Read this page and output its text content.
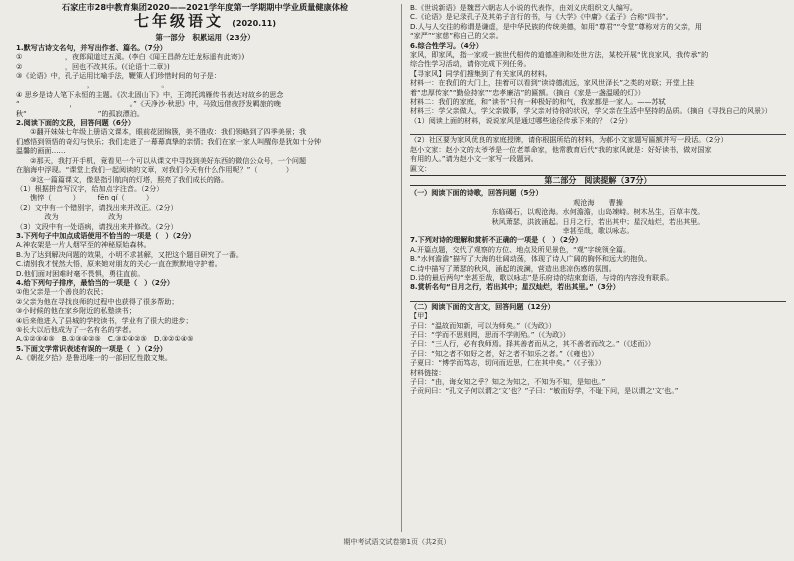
石家庄市28中教育集团2020——2021学年度第一学期期中学业质量健康体检
七年级语文 (2020.11)
第一部分　积累运用（23分）
1.默写古诗文名句，并写出作者、篇名。（7分）
①　　　　　　，夜郎闻道过五溪。(李白《闻王昌龄左迁龙标遥有此寄》)
②　　　　　　，回也不改其乐。(《论语十二章》)
③《论语》中，孔子运用比喻手法，鞭策人们珍惜时间的句子是：
　　　　　　　　　　，　　　　　　　　　　。
④ 思乡是诗人笔下永恒的主题。《次北固山下》中，王湾托鸿雁传书表达对故乡的思念
“　　　　　　　，　　　　　　　　。”《天净沙·秋思》中，马致远借夜抒发羁旅的晚
秋“　　　　　　　　　　”的孤寂漂泊。
2.阅读下面的文段，回答问题（6分）
　　①翻开妹妹七年级上册语文课本，眼前花团锦簇，美不胜收：我们领略到了四季美景；我
们感悟到领悟的奇幻与快乐；我们走进了一幕幕真挚的亲情；我们在家一家人叫醒你是犹如十分钟
温馨的画面……
　　②那天，我打开手机，竟看见一个可以从课文中寻找到美好东西的微信公众号，一个问题
在脑海中浮现。“课堂上我们一起阅读的文章，对我们今天有什么作用呢？”（　　　　）
　　③这一篇篇课文，像是指引航向的灯塔，照亮了我们成长的路。
（1）根据拼音写汉字，给加点字注音。（2分）
　　憔悴（　　　）　　　fēn qí（　　　）
（2）文中有一个错别字，请找出来并改正。（2分）
　　　　改为　　　　　　　改为
（3）文段中有一处语病，请找出来并修改。（2分）
3.下列句子中加点成语使用不恰当的一项是（　）（2分）
A.神农架是一片人烟罕至的神秘原始森林。
B.为了达到解决问题的效果，小明不求甚解，又把这个题目研究了一番。
C.请别我才恍然大悟，原来她对朋友的关心一直在默默地守护着。
D.他们面对困难时毫不畏惧，勇往直前。
4.给下列句子排序，最恰当的一项是（　）（2分）
①他父亲是一个善良的农民；
②父亲为他在寻找良师的过程中也获得了很多帮助；
③小时候的他在家乡附近的私塾读书；
④后来他进入了县城的学校读书，学业有了很大的进步；
⑤长大以后他成为了一名有名的学者。
A.①②③④⑤　B.①③④②⑤　C.③①④②⑤　D.③②①④⑤
5.下面文学常识表述有误的一项是（　）（2分）
A.《朝花夕拾》是鲁迅唯一的一部回忆性散文集。
B.《世说新语》是魏晋六朝志人小说的代表作，由刘义庆组织文人编写。
C.《论语》是记录孔子及其弟子言行的书，与《大学》《中庸》《孟子》合称“四书”。
D.人与人交往的称谓是谦虚，是中华民族的传统美德，如用“尊君”“令堂”尊称对方的父亲，用
“家严”“家慈”称自己的父亲。
6.综合性学习。（4分）
家风，即家风，指一家或一族世代相传的道德准则和处世方法，某校开展“优良家风，我传承”的
综合性学习活动，请你完成下列任务。
【寻家风】同学们搜集到了有关家风的材料。
材料一：在我们的大门上，挂着可以看到“读诗德流远，家风世泽长”之类的对联；开堂上挂
着“忠厚传家”“勤俭持家”“忠孝廉洁”的匾额。（摘自《家是一盏温暖的灯》）
材料二：我们的家庭，和“读书”只有一种极好的和气，我家都是一家人。——苏轼
材料三：学父亲做人，学父亲做事，学父亲对待你的状况，学父亲在生活中坚持的品质。（摘自《寻找自己的风景》）
（1）阅读上面的材料，说说家风是通过哪些途径传承下来的？（2分）
（2）社区要为家风优良的家庭授牌，请你根据所给的材料，为郝小文家题写匾额并写一段话。（2分）
赵小文家：赵小文的太爷爷是一位老革命家，他常教育后代“我的家风就是：好好读书，做对国家
有用的人。”请为赵小文一家写一段题词。
匾文：
第二部分　阅读提解（37分）
（一）阅读下面的诗歌，回答问题（5分）
观沧海　　曹操
东临碣石，以观沧海。水何澹澹，山岛竦峙。树木丛生，百草丰茂。
秋风萧瑟，洪波涌起。日月之行，若出其中；星汉灿烂，若出其里。
幸甚至哉，歌以咏志。
7.下列对诗的理解和赏析不正确的一项是（　）（2分）
A.开篇点题，交代了观察的方位、地点及所见景色，“观”字统领全篇。
B.“水何澹澹”描写了大海的壮阔动荡，体现了诗人广阔的胸怀和远大的抱负。
C.诗中描写了萧瑟的秋风，涌起的波澜，营造出悲凉伤感的氛围。
D.诗的最后两句“幸甚至哉，歌以咏志”是乐府诗的结束套语，与诗的内容没有联系。
8.赏析名句“日月之行，若出其中；星汉灿烂，若出其里。”（3分）
（二）阅读下面的文言文，回答问题（12分）
【甲】
子曰：“温故而知新，可以为师矣。”（《为政》）
子曰：“学而不思则罔，思而不学则殆。”（《为政》）
子曰：“三人行，必有我师焉。择其善者而从之，其不善者而改之。”（《述而》）
子曰：“知之者不如好之者，好之者不如乐之者。”（《雍也》）
子夏曰：“博学而笃志，切问而近思，仁在其中矣。”（《子张》）
材料链接：
子曰：“由，诲女知之乎？知之为知之，不知为不知，是知也。”
子贡问曰：“孔文子何以谓之‘文’也？”子曰：“敏而好学，不耻下问，是以谓之‘文’也。”
期中考试语文试卷第1页（共2页）
